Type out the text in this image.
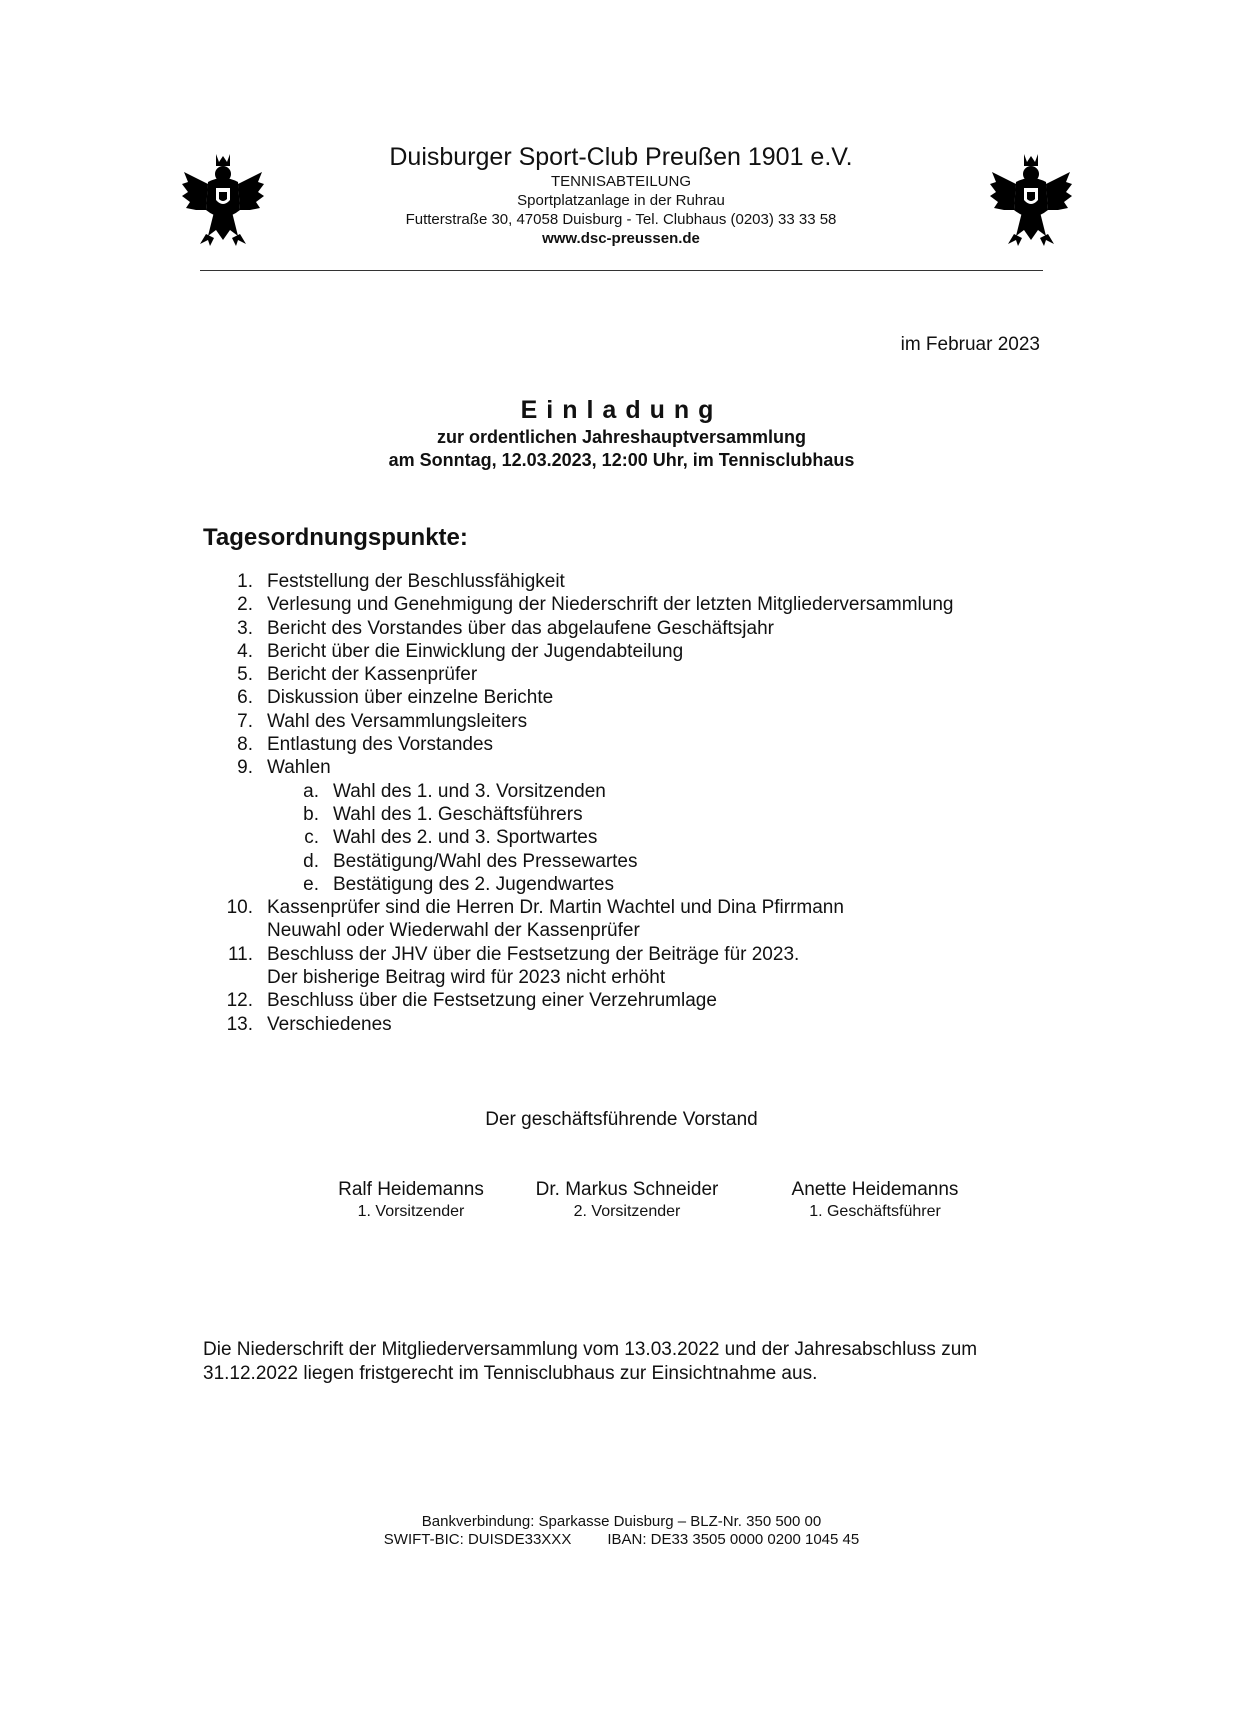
Duisburger Sport-Club Preußen 1901 e.V.
TENNISABTEILUNG
Sportplatzanlage in der Ruhrau
Futterstraße 30, 47058 Duisburg - Tel. Clubhaus (0203) 33 33 58
www.dsc-preussen.de
im Februar 2023
Einladung
zur ordentlichen Jahreshauptversammlung
am Sonntag, 12.03.2023, 12:00 Uhr, im Tennisclubhaus
Tagesordnungspunkte:
1. Feststellung der Beschlussfähigkeit
2. Verlesung und Genehmigung der Niederschrift der letzten Mitgliederversammlung
3. Bericht des Vorstandes über das abgelaufene Geschäftsjahr
4. Bericht über die Einwicklung der Jugendabteilung
5. Bericht der Kassenprüfer
6. Diskussion über einzelne Berichte
7. Wahl des Versammlungsleiters
8. Entlastung des Vorstandes
9. Wahlen
a. Wahl des 1. und 3. Vorsitzenden
b. Wahl des 1. Geschäftsführers
c. Wahl des 2. und 3. Sportwartes
d. Bestätigung/Wahl des Pressewartes
e. Bestätigung des 2. Jugendwartes
10. Kassenprüfer sind die Herren Dr. Martin Wachtel und Dina Pfirrmann
Neuwahl oder Wiederwahl der Kassenprüfer
11. Beschluss der JHV über die Festsetzung der Beiträge für 2023.
Der bisherige Beitrag wird für 2023 nicht erhöht
12. Beschluss über die Festsetzung einer Verzehrumlage
13. Verschiedenes
Der geschäftsführende Vorstand
Ralf Heidemanns
1. Vorsitzender
Dr. Markus Schneider
2. Vorsitzender
Anette Heidemanns
1. Geschäftsführer
Die Niederschrift der Mitgliederversammlung vom 13.03.2022 und der Jahresabschluss zum
31.12.2022 liegen fristgerecht im Tennisclubhaus zur Einsichtnahme aus.
Bankverbindung: Sparkasse Duisburg – BLZ-Nr. 350 500 00
SWIFT-BIC: DUISDE33XXX IBAN: DE33 3505 0000 0200 1045 45
